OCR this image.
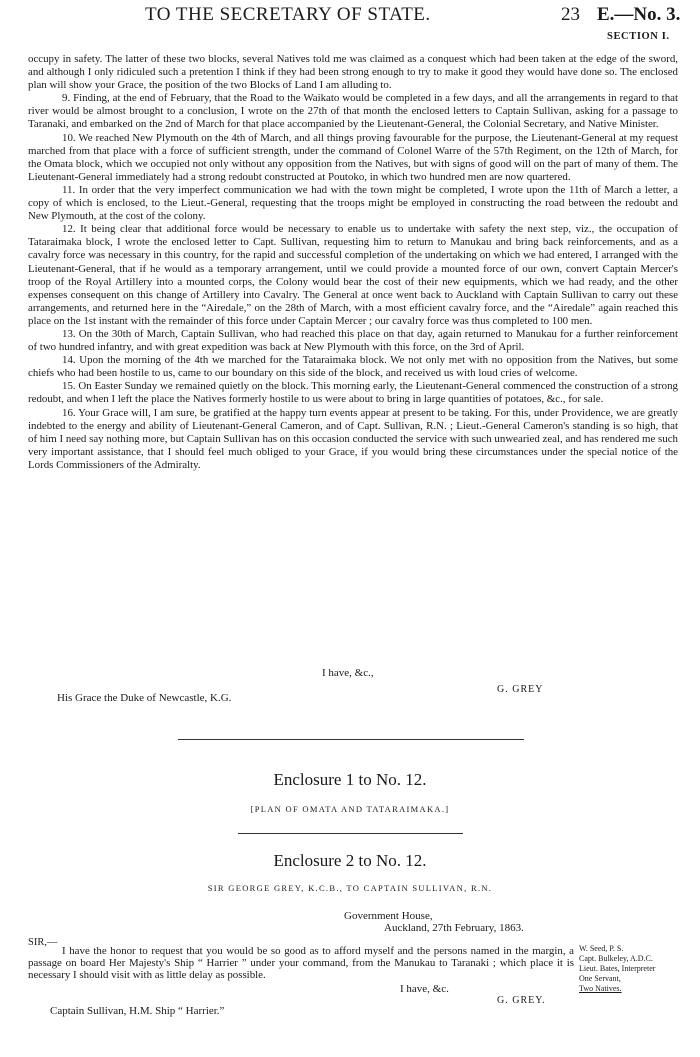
TO THE SECRETARY OF STATE.	23 E.—No. 3.
SECTION I.

occupy in safety. The latter of these two blocks, several Natives told me was claimed as a conquest which had been taken at the edge of the sword, and although I only ridiculed such a pretention I think if they had been strong enough to try to make it good they would have done so. The enclosed plan will show your Grace, the position of the two Blocks of Land I am alluding to.

9. Finding, at the end of February, that the Road to the Waikato would be completed in a few days, and all the arrangements in regard to that river would be almost brought to a conclusion, I wrote on the 27th of that month the enclosed letters to Captain Sullivan, asking for a passage to Taranaki, and embarked on the 2nd of March for that place accompanied by the Lieutenant-General, the Colonial Secretary, and Native Minister.

10. We reached New Plymouth on the 4th of March, and all things proving favourable for the purpose, the Lieutenant-General at my request marched from that place with a force of sufficient strength, under the command of Colonel Warre of the 57th Regiment, on the 12th of March, for the Omata block, which we occupied not only without any opposition from the Natives, but with signs of good will on the part of many of them. The Lieutenant-General immediately had a strong redoubt constructed at Poutoko, in which two hundred men are now quartered.

11. In order that the very imperfect communication we had with the town might be completed, I wrote upon the 11th of March a letter, a copy of which is enclosed, to the Lieut.-General, requesting that the troops might be employed in constructing the road between the redoubt and New Plymouth, at the cost of the colony.

12. It being clear that additional force would be necessary to enable us to undertake with safety the next step, viz., the occupation of Tataraimaka block, I wrote the enclosed letter to Capt. Sullivan, requesting him to return to Manukau and bring back reinforcements, and as a cavalry force was necessary in this country, for the rapid and successful completion of the undertaking on which we had entered, I arranged with the Lieutenant-General, that if he would as a temporary arrangement, until we could provide a mounted force of our own, convert Captain Mercer's troop of the Royal Artillery into a mounted corps, the Colony would bear the cost of their new equipments, which we had ready, and the other expenses consequent on this change of Artillery into Cavalry. The General at once went back to Auckland with Captain Sullivan to carry out these arrangements, and returned here in the “Airedale,” on the 28th of March, with a most efficient cavalry force, and the “Airedale” again reached this place on the 1st instant with the remainder of this force under Captain Mercer ; our cavalry force was thus completed to 100 men.

13. On the 30th of March, Captain Sullivan, who had reached this place on that day, again returned to Manukau for a further reinforcement of two hundred infantry, and with great expedition was back at New Plymouth with this force, on the 3rd of April.

14. Upon the morning of the 4th we marched for the Tataraimaka block. We not only met with no opposition from the Natives, but some chiefs who had been hostile to us, came to our boundary on this side of the block, and received us with loud cries of welcome.

15. On Easter Sunday we remained quietly on the block. This morning early, the Lieutenant-General commenced the construction of a strong redoubt, and when I left the place the Natives formerly hostile to us were about to bring in large quantities of potatoes, &c., for sale.

16. Your Grace will, I am sure, be gratified at the happy turn events appear at present to be taking. For this, under Providence, we are greatly indebted to the energy and ability of Lieutenant-General Cameron, and of Capt. Sullivan, R.N. ; Lieut.-General Cameron's standing is so high, that of him I need say nothing more, but Captain Sullivan has on this occasion conducted the service with such unwearied zeal, and has rendered me such very important assistance, that I should feel much obliged to your Grace, if you would bring these circumstances under the special notice of the Lords Commissioners of the Admiralty.

I have, &c.,
G. GREY
His Grace the Duke of Newcastle, K.G.
Enclosure 1 to No. 12.
[PLAN OF OMATA AND TATARAIMAKA.]
Enclosure 2 to No. 12.
SIR GEORGE GREY, K.C.B., TO CAPTAIN SULLIVAN, R.N.
Government House,
Auckland, 27th February, 1863.
SIR,—

I have the honor to request that you would be so good as to afford myself and the persons named in the margin, a passage on board Her Majesty's Ship “ Harrier ” under your command, from the Manukau to Taranaki ; which place it is necessary I should visit with as little delay as possible.

I have, &c.
G. GREY.
Captain Sullivan, H.M. Ship “ Harrier.”
W. Seed, P. S.
Capt. Bulkeley, A.D.C.
Lieut. Bates, Interpreter
One Servant,
Two Natives.
